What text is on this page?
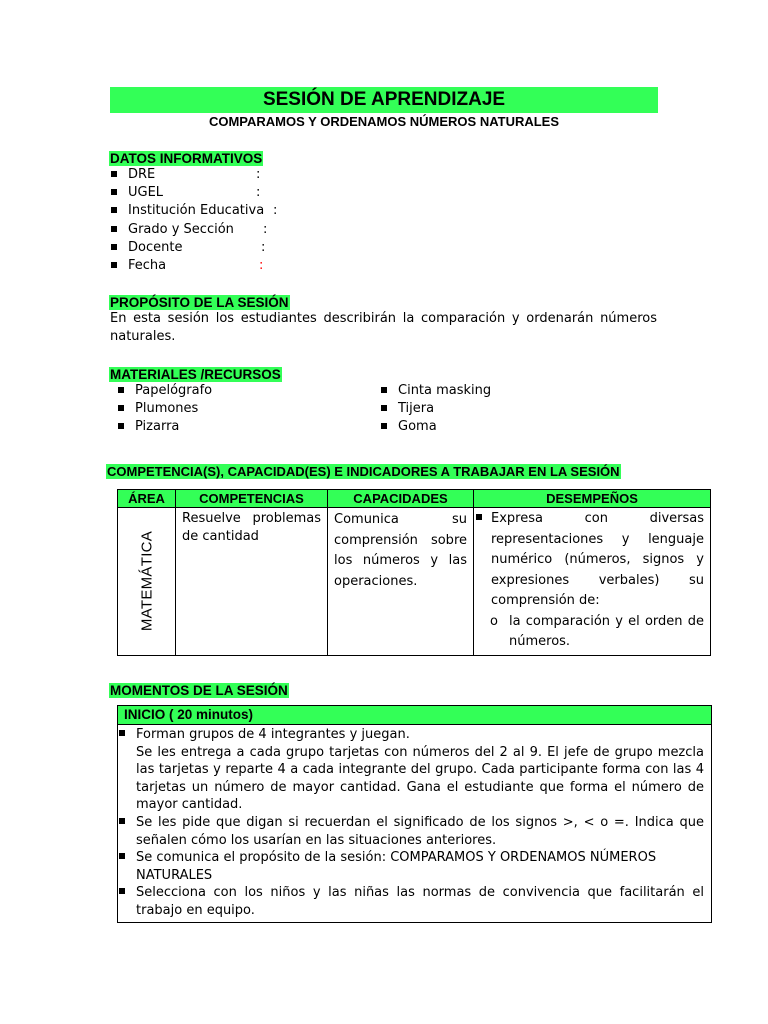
SESIÓN DE APRENDIZAJE
COMPARAMOS Y ORDENAMOS NÚMEROS NATURALES
DATOS INFORMATIVOS
DRE	:
UGEL	:
Institución Educativa :
Grado y Sección :
Docente	:
Fecha	:
PROPÓSITO DE LA SESIÓN
En esta sesión los estudiantes describirán la comparación y ordenarán números naturales.
MATERIALES /RECURSOS
Papelógrafo
Plumones
Pizarra
Cinta masking
Tijera
Goma
COMPETENCIA(S), CAPACIDAD(ES) E INDICADORES A TRABAJAR EN LA SESIÓN
ÁREA	COMPETENCIAS	CAPACIDADES	DESEMPEÑOS

MATEMÁTICA	Resuelve problemas de cantidad	Comunica su comprensión sobre los números y las operaciones.	Expresa con diversas representaciones y lenguaje numérico (números, signos y expresiones verbales) su comprensión de:
o la comparación y el orden de números.
MOMENTOS DE LA SESIÓN
INICIO ( 20 minutos)

Forman grupos de 4 integrantes y juegan.

Se les entrega a cada grupo tarjetas con números del 2 al 9. El jefe de grupo mezcla las tarjetas y reparte 4 a cada integrante del grupo. Cada participante forma con las 4 tarjetas un número de mayor cantidad. Gana el estudiante que forma el número de mayor cantidad.

Se les pide que digan si recuerdan el significado de los signos >, < o =. Indica que señalen cómo los usarían en las situaciones anteriores.

Se comunica el propósito de la sesión: COMPARAMOS Y ORDENAMOS NÚMEROS NATURALES

Selecciona con los niños y las niñas las normas de convivencia que facilitarán el trabajo en equipo.
